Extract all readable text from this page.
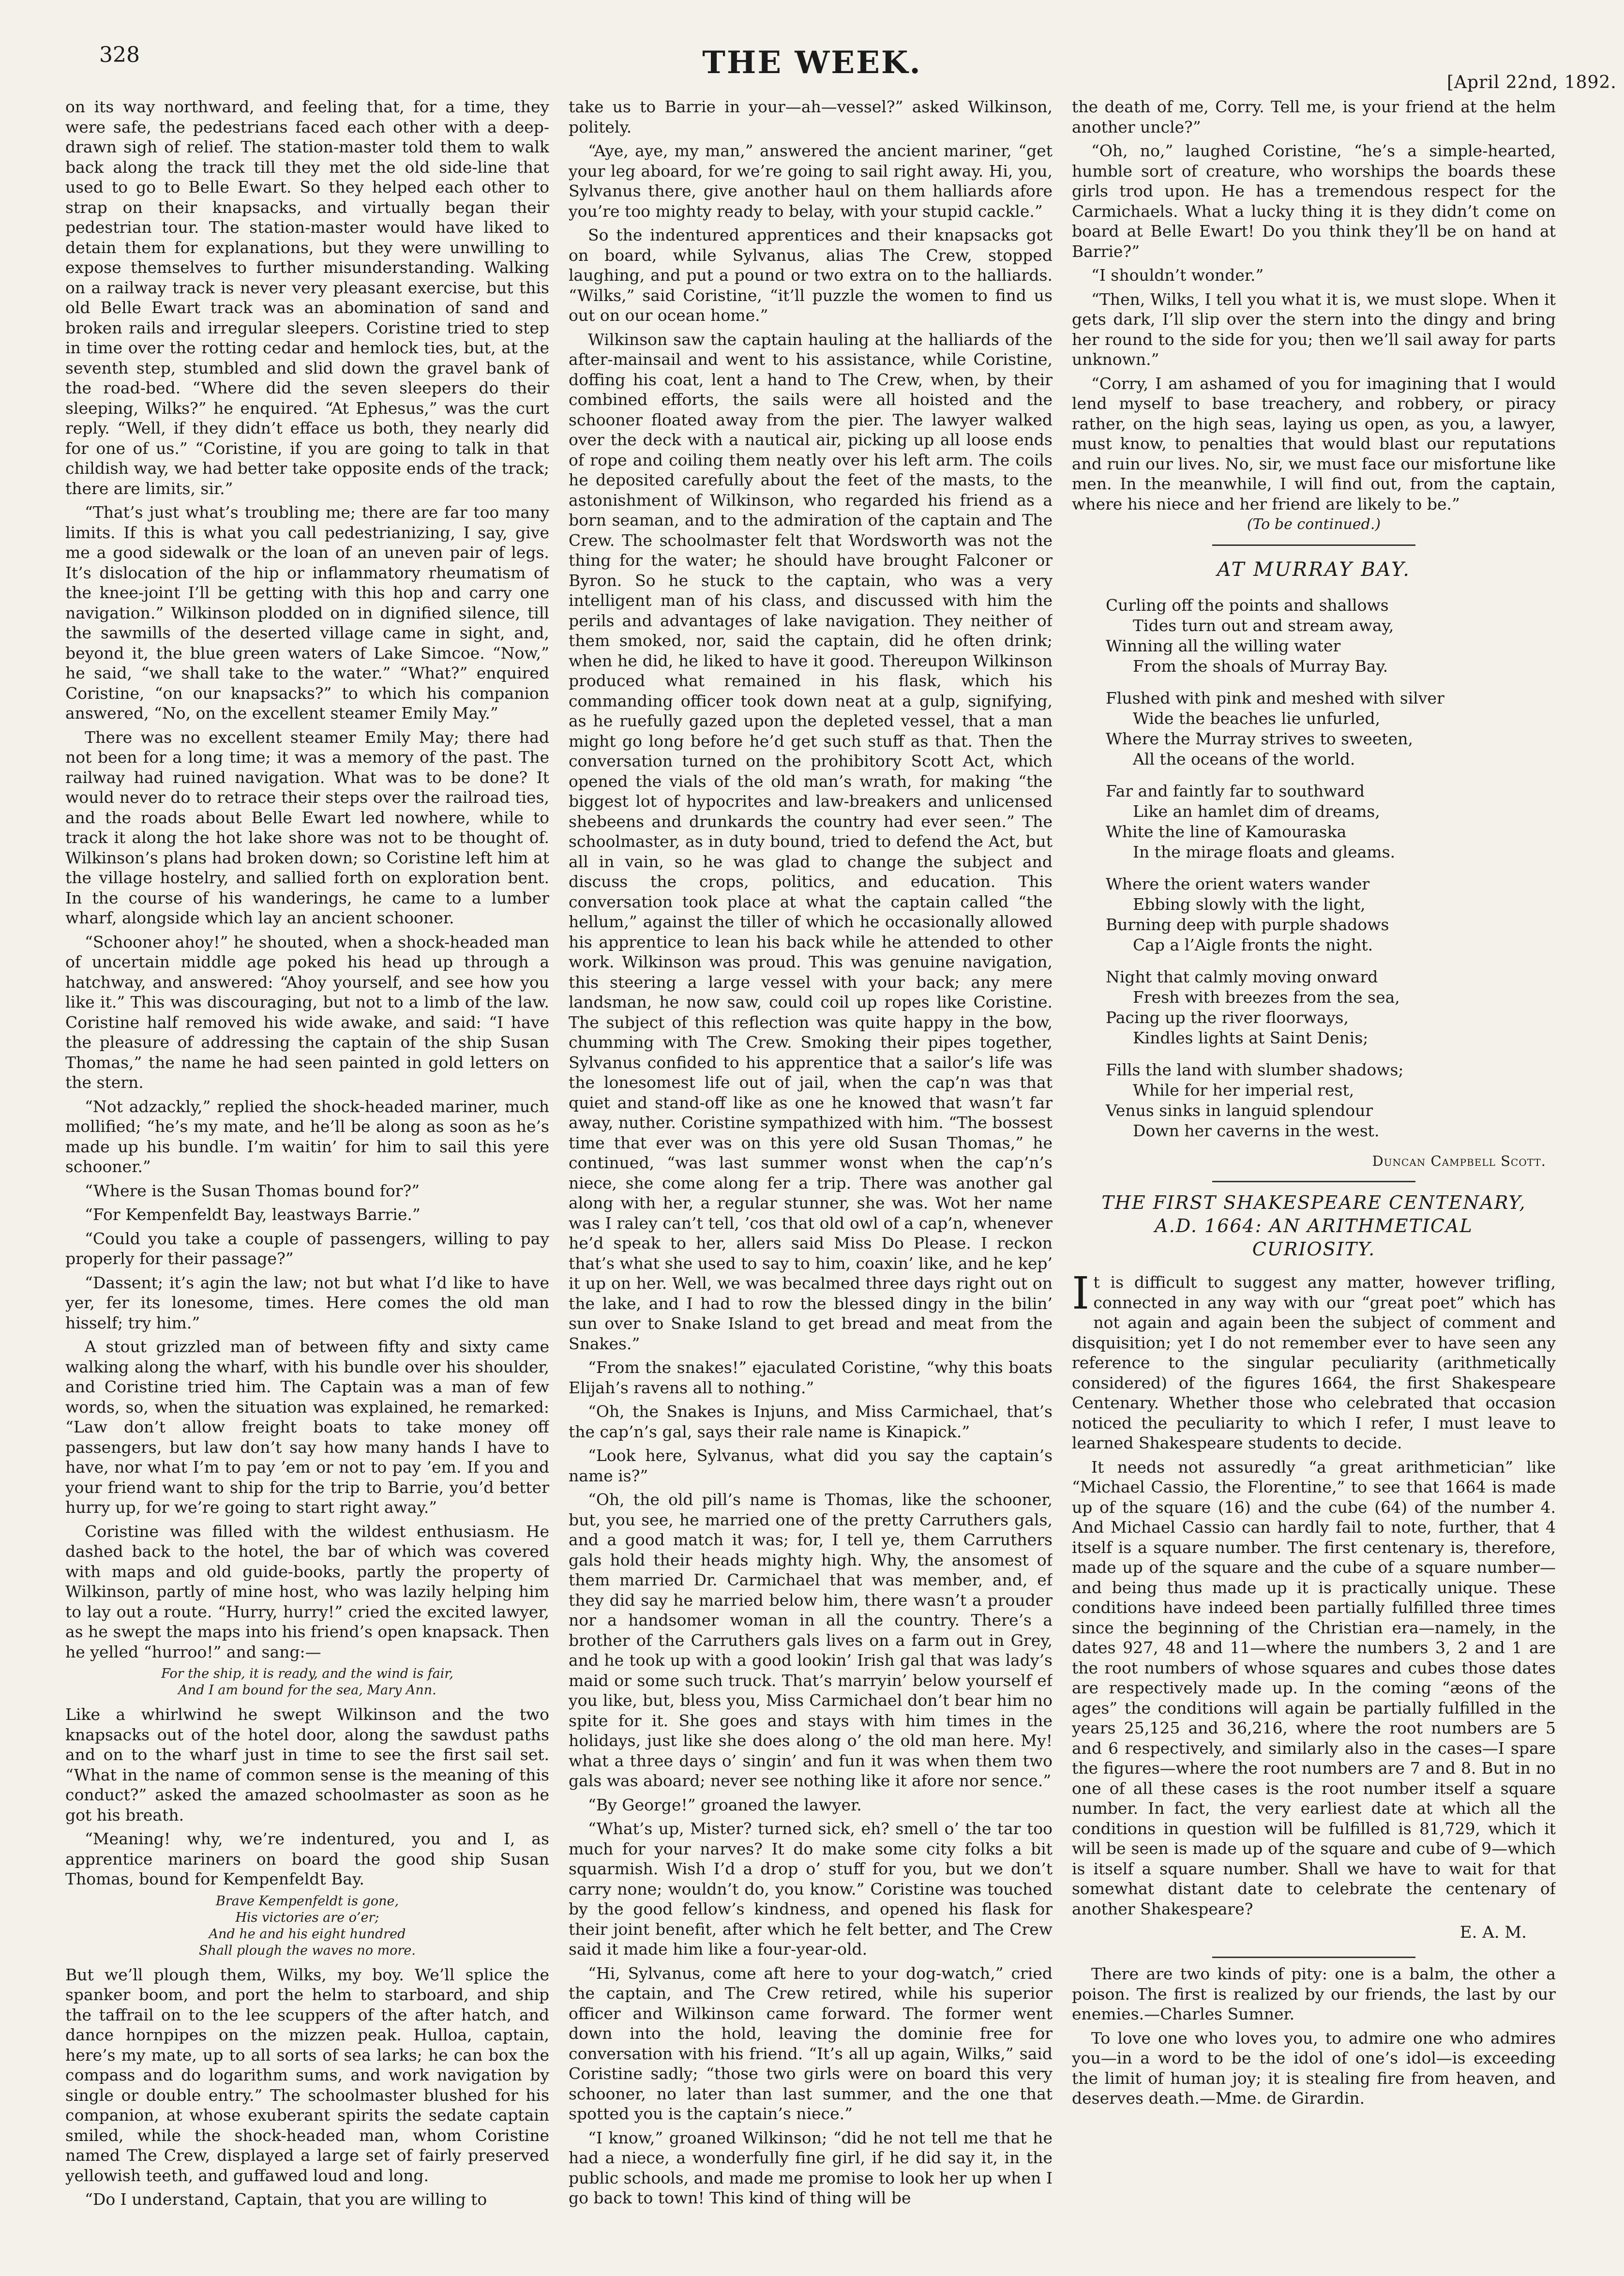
328	THE WEEK.
[April 22nd, 1892.

on its way northward, and feeling that, for a time, they were safe, the pedestrians faced each other with a deep-drawn sigh of relief. The station-master told them to walk back along the track till they met the old side-line that used to go to Belle Ewart. So they helped each other to strap on their knapsacks, and virtually began their pedestrian tour. The station-master would have liked to detain them for explanations, but they were unwilling to expose themselves to further misunderstanding. Walking on a railway track is never very pleasant exercise, but this old Belle Ewart track was an abomination of sand and broken rails and irregular sleepers. Coristine tried to step in time over the rotting cedar and hemlock ties, but, at the seventh step, stumbled and slid down the gravel bank of the road-bed. “Where did the seven sleepers do their sleeping, Wilks?” he enquired. “At Ephesus,” was the curt reply. “Well, if they didn’t efface us both, they nearly did for one of us.” “Coristine, if you are going to talk in that childish way, we had better take opposite ends of the track; there are limits, sir.”

“That’s just what’s troubling me; there are far too many limits. If this is what you call pedestrianizing, I say, give me a good sidewalk or the loan of an uneven pair of legs. It’s dislocation of the hip or inflammatory rheumatism of the knee-joint I’ll be getting with this hop and carry one navigation.” Wilkinson plodded on in dignified silence, till the sawmills of the deserted village came in sight, and, beyond it, the blue green waters of Lake Simcoe. “Now,” he said, “we shall take to the water.” “What?” enquired Coristine, “on our knapsacks?” to which his companion answered, “No, on the excellent steamer Emily May.”

There was no excellent steamer Emily May; there had not been for a long time; it was a memory of the past. The railway had ruined navigation. What was to be done? It would never do to retrace their steps over the railroad ties, and the roads about Belle Ewart led nowhere, while to track it along the hot lake shore was not to be thought of. Wilkinson’s plans had broken down; so Coristine left him at the village hostelry, and sallied forth on exploration bent. In the course of his wanderings, he came to a lumber wharf, alongside which lay an ancient schooner.

“Schooner ahoy!” he shouted, when a shock-headed man of uncertain middle age poked his head up through a hatchway, and answered: “Ahoy yourself, and see how you like it.” This was discouraging, but not to a limb of the law. Coristine half removed his wide awake, and said: “I have the pleasure of addressing the captain of the ship Susan Thomas,” the name he had seen painted in gold letters on the stern.

“Not adzackly,” replied the shock-headed mariner, much mollified; “he’s my mate, and he’ll be along as soon as he’s made up his bundle. I’m waitin’ for him to sail this yere schooner.”

“Where is the Susan Thomas bound for?”

“For Kempenfeldt Bay, leastways Barrie.”

“Could you take a couple of passengers, willing to pay properly for their passage?”

“Dassent; it’s agin the law; not but what I’d like to have yer, fer its lonesome, times. Here comes the old man hisself; try him.”

A stout grizzled man of between fifty and sixty came walking along the wharf, with his bundle over his shoulder, and Coristine tried him. The Captain was a man of few words, so, when the situation was explained, he remarked: “Law don’t allow freight boats to take money off passengers, but law don’t say how many hands I have to have, nor what I’m to pay ’em or not to pay ’em. If you and your friend want to ship for the trip to Barrie, you’d better hurry up, for we’re going to start right away.”

Coristine was filled with the wildest enthusiasm. He dashed back to the hotel, the bar of which was covered with maps and old guide-books, partly the property of Wilkinson, partly of mine host, who was lazily helping him to lay out a route. “Hurry, hurry!” cried the excited lawyer, as he swept the maps into his friend’s open knapsack. Then he yelled “hurroo!” and sang:—

For the ship, it is ready, and the wind is fair,
And I am bound for the sea, Mary Ann.

Like a whirlwind he swept Wilkinson and the two knapsacks out of the hotel door, along the sawdust paths and on to the wharf just in time to see the first sail set. “What in the name of common sense is the meaning of this conduct?” asked the amazed schoolmaster as soon as he got his breath.

“Meaning! why, we’re indentured, you and I, as apprentice mariners on board the good ship Susan Thomas, bound for Kempenfeldt Bay.

Brave Kempenfeldt is gone,
His victories are o’er;
And he and his eight hundred
Shall plough the waves no more.

But we’ll plough them, Wilks, my boy. We’ll splice the spanker boom, and port the helm to starboard, and ship the taffrail on to the lee scuppers of the after hatch, and dance hornpipes on the mizzen peak. Hulloa, captain, here’s my mate, up to all sorts of sea larks; he can box the compass and do logarithm sums, and work navigation by single or double entry.” The schoolmaster blushed for his companion, at whose exuberant spirits the sedate captain smiled, while the shock-headed man, whom Coristine named The Crew, displayed a large set of fairly preserved yellowish teeth, and guffawed loud and long.

“Do I understand, Captain, that you are willing to

take us to Barrie in your—ah—vessel?” asked Wilkinson, politely.

“Aye, aye, my man,” answered the ancient mariner, “get your leg aboard, for we’re going to sail right away. Hi, you, Sylvanus there, give another haul on them halliards afore you’re too mighty ready to belay, with your stupid cackle.”

So the indentured apprentices and their knapsacks got on board, while Sylvanus, alias The Crew, stopped laughing, and put a pound or two extra on to the halliards. “Wilks,” said Coristine, “it’ll puzzle the women to find us out on our ocean home.”

Wilkinson saw the captain hauling at the halliards of the after-mainsail and went to his assistance, while Coristine, doffing his coat, lent a hand to The Crew, when, by their combined efforts, the sails were all hoisted and the schooner floated away from the pier. The lawyer walked over the deck with a nautical air, picking up all loose ends of rope and coiling them neatly over his left arm. The coils he deposited carefully about the feet of the masts, to the astonishment of Wilkinson, who regarded his friend as a born seaman, and to the admiration of the captain and The Crew. The schoolmaster felt that Wordsworth was not the thing for the water; he should have brought Falconer or Byron. So he stuck to the captain, who was a very intelligent man of his class, and discussed with him the perils and advantages of lake navigation. They neither of them smoked, nor, said the captain, did he often drink; when he did, he liked to have it good. Thereupon Wilkinson produced what remained in his flask, which his commanding officer took down neat at a gulp, signifying, as he ruefully gazed upon the depleted vessel, that a man might go long before he’d get such stuff as that. Then the conversation turned on the prohibitory Scott Act, which opened the vials of the old man’s wrath, for making “the biggest lot of hypocrites and law-breakers and unlicensed shebeens and drunkards the country had ever seen.” The schoolmaster, as in duty bound, tried to defend the Act, but all in vain, so he was glad to change the subject and discuss the crops, politics, and education. This conversation took place at what the captain called “the hellum,” against the tiller of which he occasionally allowed his apprentice to lean his back while he attended to other work. Wilkinson was proud. This was genuine navigation, this steering a large vessel with your back; any mere landsman, he now saw, could coil up ropes like Coristine. The subject of this reflection was quite happy in the bow, chumming with The Crew. Smoking their pipes together, Sylvanus confided to his apprentice that a sailor’s life was the lonesomest life out of jail, when the cap’n was that quiet and stand-off like as one he knowed that wasn’t far away, nuther. Coristine sympathized with him. “The bossest time that ever was on this yere old Susan Thomas,” he continued, “was last summer wonst when the cap’n’s niece, she come along fer a trip. There was another gal along with her, a regular stunner, she was. Wot her name was I raley can’t tell, ’cos that old owl of a cap’n, whenever he’d speak to her, allers said Miss Do Please. I reckon that’s what she used to say to him, coaxin’ like, and he kep’ it up on her. Well, we was becalmed three days right out on the lake, and I had to row the blessed dingy in the bilin’ sun over to Snake Island to get bread and meat from the Snakes.”

“From the snakes!” ejaculated Coristine, “why this boats Elijah’s ravens all to nothing.”

“Oh, the Snakes is Injuns, and Miss Carmichael, that’s the cap’n’s gal, says their rale name is Kinapick.”

“Look here, Sylvanus, what did you say the captain’s name is?”

“Oh, the old pill’s name is Thomas, like the schooner, but, you see, he married one of the pretty Carruthers gals, and a good match it was; for, I tell ye, them Carruthers gals hold their heads mighty high. Why, the ansomest of them married Dr. Carmichael that was member, and, ef they did say he married below him, there wasn’t a prouder nor a handsomer woman in all the country. There’s a brother of the Carruthers gals lives on a farm out in Grey, and he took up with a good lookin’ Irish gal that was lady’s maid or some such truck. That’s marryin’ below yourself ef you like, but, bless you, Miss Carmichael don’t bear him no spite for it. She goes and stays with him times in the holidays, just like she does along o’ the old man here. My! what a three days o’ singin’ and fun it was when them two gals was aboard; never see nothing like it afore nor sence.”

“By George!” groaned the lawyer.

“What’s up, Mister? turned sick, eh? smell o’ the tar too much for your narves? It do make some city folks a bit squarmish. Wish I’d a drop o’ stuff for you, but we don’t carry none; wouldn’t do, you know.” Coristine was touched by the good fellow’s kindness, and opened his flask for their joint benefit, after which he felt better, and The Crew said it made him like a four-year-old.

“Hi, Sylvanus, come aft here to your dog-watch,” cried the captain, and The Crew retired, while his superior officer and Wilkinson came forward. The former went down into the hold, leaving the dominie free for conversation with his friend. “It’s all up again, Wilks,” said Coristine sadly; “those two girls were on board this very schooner, no later than last summer, and the one that spotted you is the captain’s niece.”

“I know,” groaned Wilkinson; “did he not tell me that he had a niece, a wonderfully fine girl, if he did say it, in the public schools, and made me promise to look her up when I go back to town! This kind of thing will be

the death of me, Corry. Tell me, is your friend at the helm another uncle?”

“Oh, no,” laughed Coristine, “he’s a simple-hearted, humble sort of creature, who worships the boards these girls trod upon. He has a tremendous respect for the Carmichaels. What a lucky thing it is they didn’t come on board at Belle Ewart! Do you think they’ll be on hand at Barrie?”

“I shouldn’t wonder.”

“Then, Wilks, I tell you what it is, we must slope. When it gets dark, I’ll slip over the stern into the dingy and bring her round to the side for you; then we’ll sail away for parts unknown.”

“Corry, I am ashamed of you for imagining that I would lend myself to base treachery, and robbery, or piracy rather, on the high seas, laying us open, as you, a lawyer, must know, to penalties that would blast our reputations and ruin our lives. No, sir, we must face our misfortune like men. In the meanwhile, I will find out, from the captain, where his niece and her friend are likely to be.”

(To be continued.)
AT MURRAY BAY.
Curling off the points and shallows
Tides turn out and stream away,
Winning all the willing water
From the shoals of Murray Bay.
Flushed with pink and meshed with silver
Wide the beaches lie unfurled,
Where the Murray strives to sweeten,
All the oceans of the world.
Far and faintly far to southward
Like an hamlet dim of dreams,
White the line of Kamouraska
In the mirage floats and gleams.
Where the orient waters wander
Ebbing slowly with the light,
Burning deep with purple shadows
Cap a l’Aigle fronts the night.
Night that calmly moving onward
Fresh with breezes from the sea,
Pacing up the river floorways,
Kindles lights at Saint Denis;
Fills the land with slumber shadows;
While for her imperial rest,
Venus sinks in languid splendour
Down her caverns in the west.
Duncan Campbell Scott.
THE FIRST SHAKESPEARE CENTENARY,
A.D. 1664: AN ARITHMETICAL
CURIOSITY.

It is difficult to suggest any matter, however trifling, connected in any way with our “great poet” which has not again and again been the subject of comment and disquisition; yet I do not remember ever to have seen any reference to the singular peculiarity (arithmetically considered) of the figures 1664, the first Shakespeare Centenary. Whether those who celebrated that occasion noticed the peculiarity to which I refer, I must leave to learned Shakespeare students to decide.

It needs not assuredly “a great arithmetician” like “Michael Cassio, the Florentine,” to see that 1664 is made up of the square (16) and the cube (64) of the number 4. And Michael Cassio can hardly fail to note, further, that 4 itself is a square number. The first centenary is, therefore, made up of the square and the cube of a square number—and being thus made up it is practically unique. These conditions have indeed been partially fulfilled three times since the beginning of the Christian era—namely, in the dates 927, 48 and 11—where the numbers 3, 2 and 1 are the root numbers of whose squares and cubes those dates are respectively made up. In the coming “æons of the ages” the conditions will again be partially fulfilled in the years 25,125 and 36,216, where the root numbers are 5 and 6 respectively, and similarly also in the cases—I spare the figures—where the root numbers are 7 and 8. But in no one of all these cases is the root number itself a square number. In fact, the very earliest date at which all the conditions in question will be fulfilled is 81,729, which it will be seen is made up of the square and cube of 9—which is itself a square number. Shall we have to wait for that somewhat distant date to celebrate the centenary of another Shakespeare?

E. A. M.

There are two kinds of pity: one is a balm, the other a poison. The first is realized by our friends, the last by our enemies.—Charles Sumner.

To love one who loves you, to admire one who admires you—in a word to be the idol of one’s idol—is exceeding the limit of human joy; it is stealing fire from heaven, and deserves death.—Mme. de Girardin.
